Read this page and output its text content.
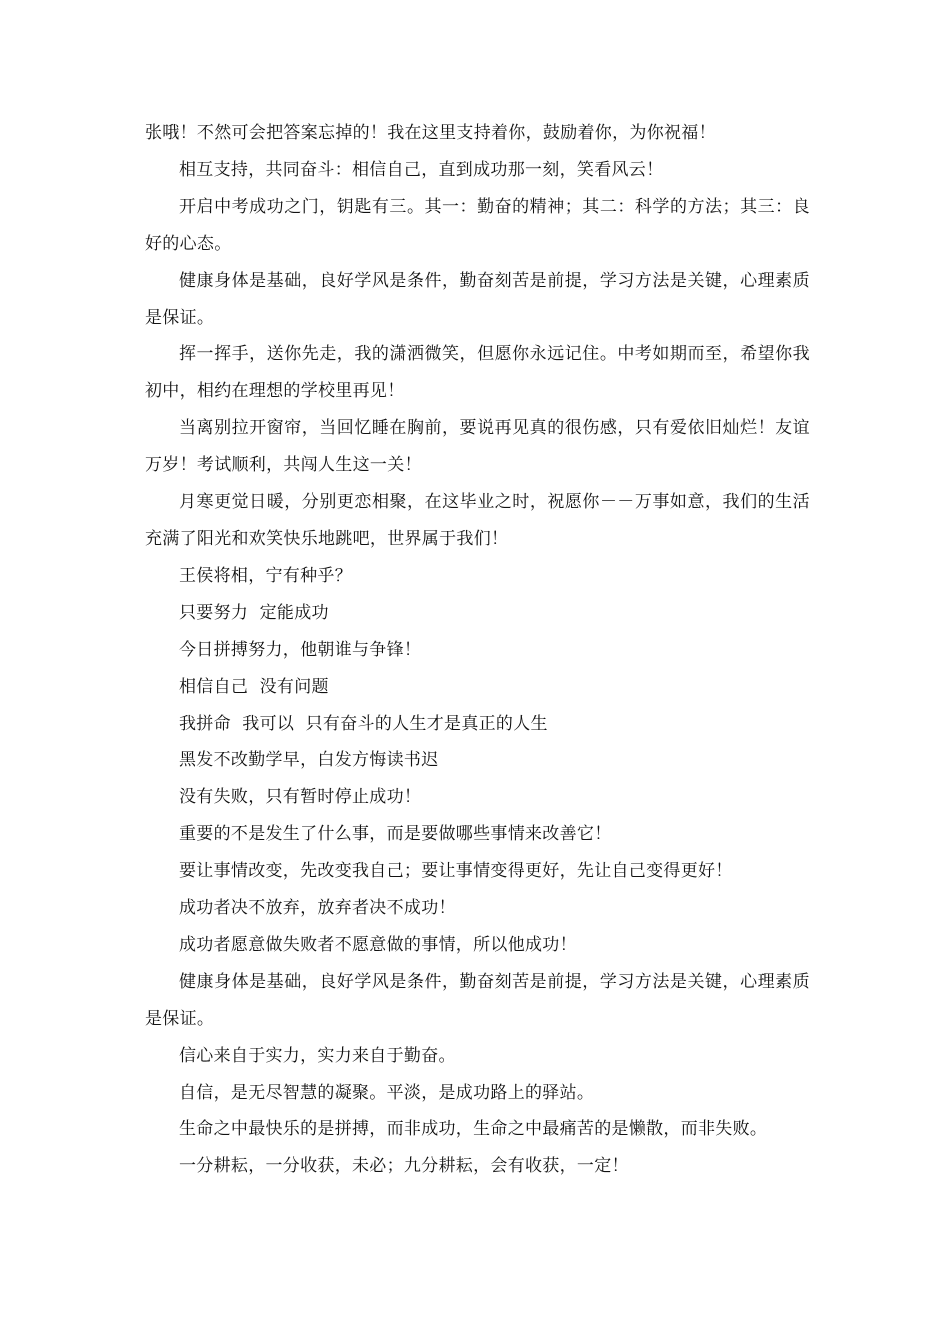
张哦！不然可会把答案忘掉的！我在这里支持着你，鼓励着你，为你祝福！

相互支持，共同奋斗：相信自己，直到成功那一刻，笑看风云！

开启中考成功之门，钥匙有三。其一：勤奋的精神；其二：科学的方法；其三：良好的心态。

健康身体是基础，良好学风是条件，勤奋刻苦是前提，学习方法是关键，心理素质是保证。

挥一挥手，送你先走，我的潇洒微笑，但愿你永远记住。中考如期而至，希望你我初中，相约在理想的学校里再见！

当离别拉开窗帘，当回忆睡在胸前，要说再见真的很伤感，只有爱依旧灿烂！友谊万岁！考试顺利，共闯人生这一关！

月寒更觉日暖，分别更恋相聚，在这毕业之时，祝愿你－－万事如意，我们的生活充满了阳光和欢笑快乐地跳吧，世界属于我们！

王侯将相，宁有种乎？

只要努力  定能成功

今日拼搏努力，他朝谁与争锋！

相信自己  没有问题

我拼命  我可以  只有奋斗的人生才是真正的人生

黑发不改勤学早，白发方悔读书迟

没有失败，只有暂时停止成功！

重要的不是发生了什么事，而是要做哪些事情来改善它！

要让事情改变，先改变我自己；要让事情变得更好，先让自己变得更好！

成功者决不放弃，放弃者决不成功！

成功者愿意做失败者不愿意做的事情，所以他成功！

健康身体是基础，良好学风是条件，勤奋刻苦是前提，学习方法是关键，心理素质是保证。

信心来自于实力，实力来自于勤奋。

自信，是无尽智慧的凝聚。平淡，是成功路上的驿站。

生命之中最快乐的是拼搏，而非成功，生命之中最痛苦的是懒散，而非失败。

一分耕耘，一分收获，未必；九分耕耘，会有收获，一定！
